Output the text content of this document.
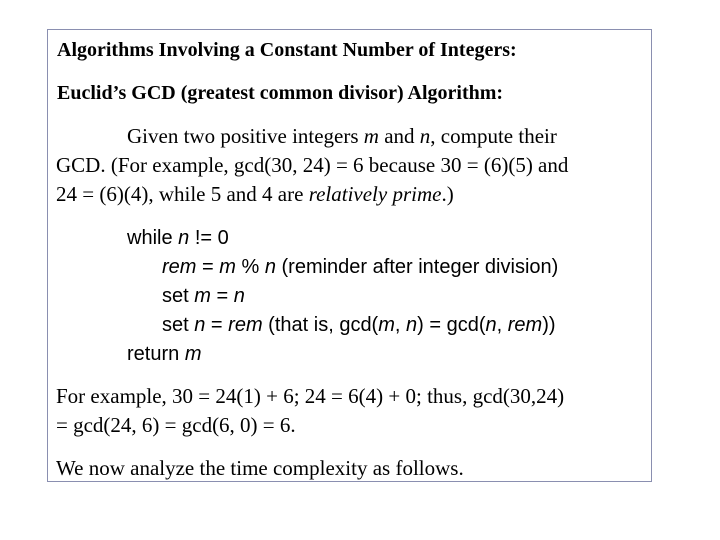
Algorithms Involving a Constant Number of Integers:
Euclid’s GCD (greatest common divisor) Algorithm:
Given two positive integers m and n, compute their
GCD. (For example, gcd(30, 24) = 6 because 30 = (6)(5) and
24 = (6)(4), while 5 and 4 are relatively prime.)
while n != 0
rem = m % n (reminder after integer division)
set m = n
set n = rem (that is, gcd(m, n) = gcd(n, rem))
return m
For example, 30 = 24(1) + 6; 24 = 6(4) + 0; thus, gcd(30,24)
= gcd(24, 6) = gcd(6, 0) = 6.
We now analyze the time complexity as follows.
